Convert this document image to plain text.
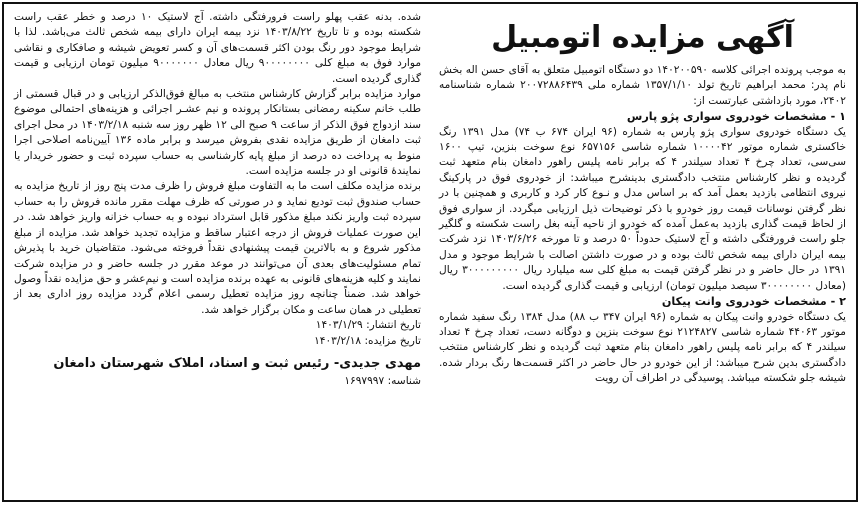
آگهی مزایده اتومبیل

به موجب پرونده اجرائی کلاسه ۱۴۰۲۰۰۵۹۰ دو دستگاه اتومبیل متعلق به آقای حسن اله بخش نام پدر: محمد ابراهیم تاریخ تولد ۱۳۵۷/۱/۱۰ شماره ملی ۲۰۰۷۲۸۸۶۴۳۹ شماره شناسنامه ۲۴۰۲، مورد بازداشتی عبارتست از:

۱ - مشخصات خودروی سواری پژو پارس

یک دستگاه خودروی سواری پژو پارس به شماره (۹۶ ایران ۶۷۴ ب ۷۴) مدل ۱۳۹۱ رنگ خاکستری شماره موتور ۱۰۰۰۰۴۲ شماره شاسی ۶۵۷۱۵۶ نوع سوخت بنزین، تیپ ۱۶۰۰ سی‌سی، تعداد چرخ ۴ تعداد سیلندر ۴ که برابر نامه پلیس راهور دامغان بنام متعهد ثبت گردیده و نظر کارشناس منتخب دادگستری بدینشرح میباشد: از خودروی فوق در پارکینگ نیروی انتظامی بازدید بعمل آمد که بر اساس مدل و نـوع کار کرد و کاربری و همچنین با در نظر گرفتن نوسانات قیمت روز خودرو با ذکر توضیحات ذیل ارزیابی میگردد. از سواری فوق از لحاظ قیمت گذاری بازدید به‌عمل آمده که خودرو از ناحیه آینه بغل راست شکسته و گلگیر جلو راست فرورفتگی داشته و آج لاستیک حدوداً ۵۰ درصد و تا مورخه ۱۴۰۳/۶/۲۶ نزد شرکت بیمه ایران دارای بیمه شخص ثالث بوده و در صورت داشتن اصالت با شرایط موجود و مدل ۱۳۹۱ در حال حاضر و در نظر گرفتن قیمت به مبلغ کلی سه میلیارد ریال ۳۰۰۰۰۰۰۰۰۰ ریال (معادل ۳۰۰۰۰۰۰۰۰ سیصد میلیون تومان) ارزیابی و قیمت گذاری گردیده است.

۲ - مشخصات خودروی وانت پیکان

یک دستگاه خودرو وانت پیکان به شماره (۹۶ ایران ۳۴۷ ب ۸۸) مدل ۱۳۸۴ رنگ سفید شماره موتور ۴۴۰۶۳ شماره شاسی ۲۱۲۴۸۲۷ نوع سوخت بنزین و دوگانه دست، تعداد چرخ ۴ تعداد سیلندر ۴ که برابر نامه پلیس راهور دامغان بنام متعهد ثبت گردیده و نظر کارشناس منتخب دادگستری بدین شرح میباشد: از این خودرو در حال حاضر در اکثر قسمت‌ها رنگ بردار شده. شیشه جلو شکسته میباشد. پوسیدگی در اطراف آن رویت

شده. بدنه عقب پهلو راست فرورفتگی داشته. آج لاستیک ۱۰ درصد و خطر عقب راست شکسته بوده و تا تاریخ ۱۴۰۳/۸/۲۲ نزد بیمه ایران دارای بیمه شخص ثالث می‌باشد. لذا با شرایط موجود دور رنگ بودن اکثر قسمت‌های آن و کسر تعویض شیشه و صافکاری و نقاشی موارد فوق به مبلغ کلی ۹۰۰۰۰۰۰۰۰ ریال معادل ۹۰۰۰۰۰۰۰ میلیون تومان ارزیابی و قیمت گذاری گردیده است.

موارد مزایده برابر گزارش کارشناس منتخب به مبالغ فوق‌الذکر ارزیابی و در قبال قسمتی از طلب خانم سکینه رمضانی بستانکار پرونده و نیم عشـر اجرائی و هزینه‌های احتمالی موضوع سند ازدواج فوق الذکر از ساعت ۹ صبح الی ۱۲ ظهر روز سه شنبه ۱۴۰۳/۲/۱۸ در محل اجرای ثبت دامغان از طریق مزایده نقدی بفروش میرسد و برابر ماده ۱۳۶ آیین‌نامه اصلاحی اجرا منوط به پرداخت ده درصد از مبلغ پایه کارشناسی به حساب سپرده ثبت و حضور خریدار یا نمایندهٔ قانونی او در جلسه مزایده است.

برنده مزایده مکلف است ما به التفاوت مبلغ فروش را ظرف مدت پنج روز از تاریخ مزایده به حساب صندوق ثبت تودیع نماید و در صورتی که ظرف مهلت مقرر مانده فروش را به حساب سپرده ثبت واریز نکند مبلغ مذکور قابل استرداد نبوده و به حساب خزانه واریز خواهد شد. در این صورت عملیات فروش از درجه اعتبار ساقط و مزایده تجدید خواهد شد. مزایده از مبلغ مذکور شروع و به بالاترین قیمت پیشنهادی نقداً فروخته می‌شود. متقاضیان خرید با پذیرش تمام مسئولیت‌های بعدی آن می‌توانند در موعد مقرر در جلسه حاضر و در مزایده شرکت نمایند و کلیه هزینه‌های قانونی به عهده برنده مزایده است و نیم‌عشر و حق مزایده نقداً وصول خواهد شد. ضمناً چنانچه روز مزایده تعطیل رسمی اعلام گردد مزایده روز اداری بعد از تعطیلی در همان ساعت و مکان برگزار خواهد شد.

تاریخ انتشار: ۱۴۰۳/۱/۲۹
تاریخ مزایده: ۱۴۰۳/۲/۱۸
مهدی جدیدی- رئیس ثبت و اسناد، املاک شهرستان دامغان
شناسه: ۱۶۹۷۹۹۷
